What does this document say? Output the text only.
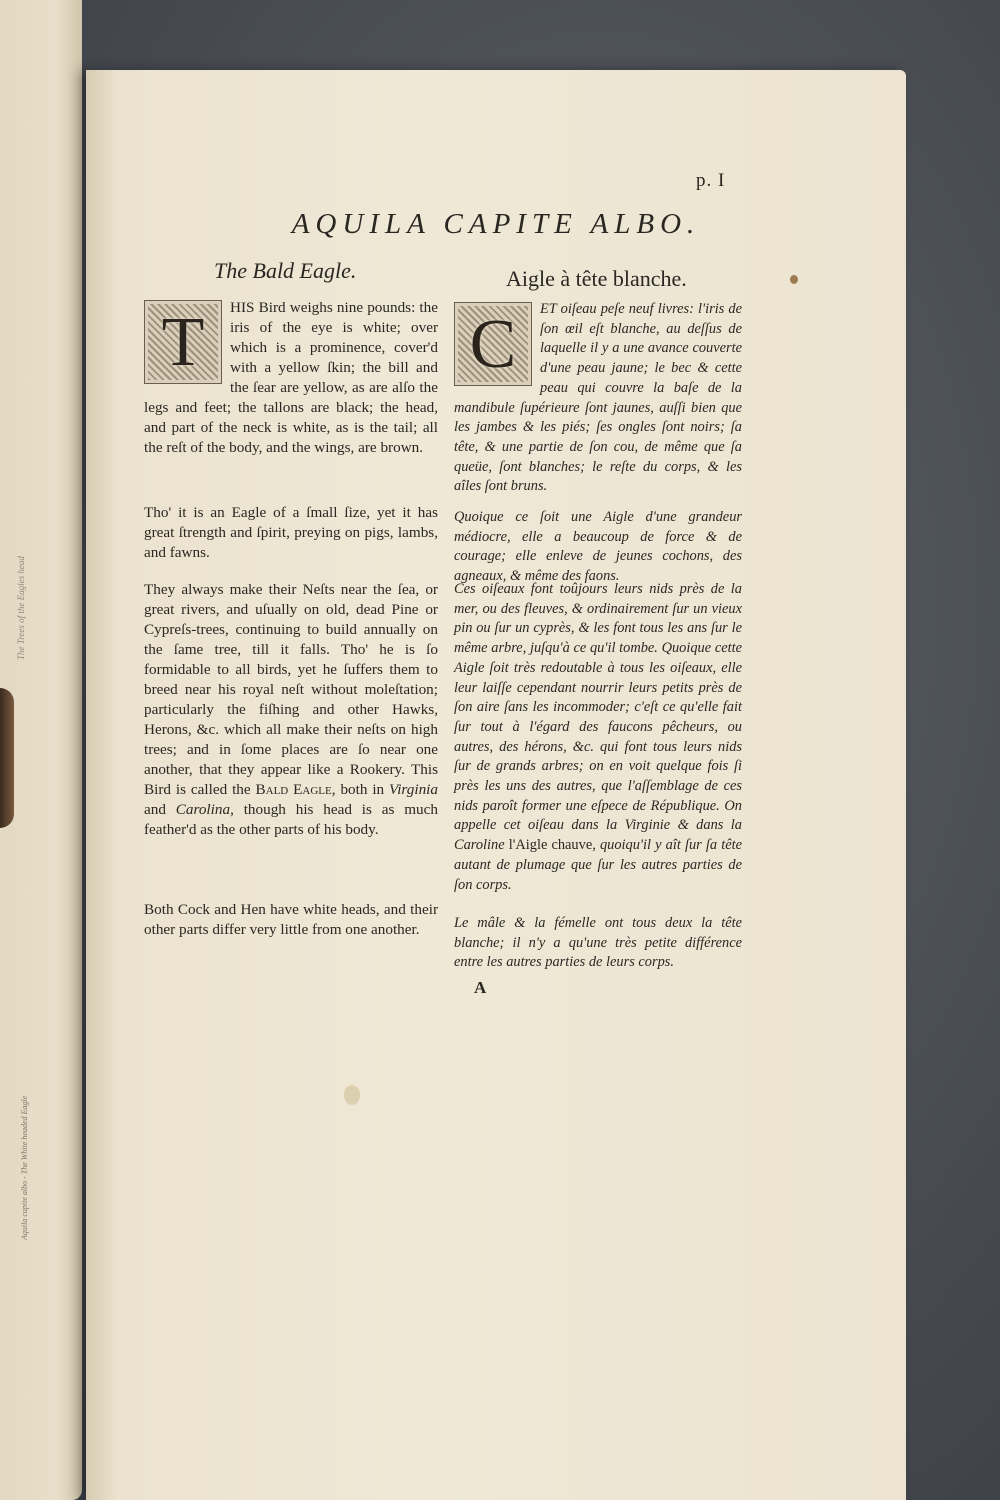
The Trees of the Eagles head
Aquila capite albo - The White headed Eagle
p. I
AQUILA CAPITE ALBO.
The Bald Eagle.	Aigle à tête blanche.

T	HIS Bird weighs nine pounds: the iris of the eye is white; over which is a prominence, cover'd with a yellow ſkin; the bill and the ſear are yellow, as are alſo the legs and feet; the tallons are black; the head, and part of the neck is white, as is the tail; all the reſt of the body, and the wings, are brown.

Tho' it is an Eagle of a ſmall ſize, yet it has great ſtrength and ſpirit, preying on pigs, lambs, and fawns.

They always make their Neſts near the ſea, or great rivers, and uſually on old, dead Pine or Cypreſs-trees, continuing to build annually on the ſame tree, till it falls. Tho' he is ſo formidable to all birds, yet he ſuffers them to breed near his royal neſt without moleſtation; particularly the fiſhing and other Hawks, Herons, &c. which all make their neſts on high trees; and in ſome places are ſo near one another, that they appear like a Rookery. This Bird is called the Bald Eagle, both in Virginia and Carolina, though his head is as much feather'd as the other parts of his body.

Both Cock and Hen have white heads, and their other parts differ very little from one another.

C	ET oiſeau peſe neuf livres: l'iris de ſon œil eſt blanche, au deſſus de laquelle il y a une avance couverte d'une peau jaune; le bec & cette peau qui couvre la baſe de la mandibule ſupérieure ſont jaunes, auſſi bien que les jambes & les piés; ſes ongles ſont noirs; ſa tête, & une partie de ſon cou, de même que ſa queüe, ſont blanches; le reſte du corps, & les aîles ſont bruns.

Quoique ce ſoit une Aigle d'une grandeur médiocre, elle a beaucoup de force & de courage; elle enleve de jeunes cochons, des agneaux, & même des faons.

Ces oiſeaux font toûjours leurs nids près de la mer, ou des fleuves, & ordinairement ſur un vieux pin ou ſur un cyprès, & les font tous les ans ſur le même arbre, juſqu'à ce qu'il tombe. Quoique cette Aigle ſoit très redoutable à tous les oiſeaux, elle leur laiſſe cependant nourrir leurs petits près de ſon aire ſans les incommoder; c'eſt ce qu'elle fait ſur tout à l'égard des faucons pêcheurs, ou autres, des hérons, &c. qui font tous leurs nids ſur de grands arbres; on en voit quelque fois ſi près les uns des autres, que l'aſſemblage de ces nids paroît former une eſpece de République. On appelle cet oiſeau dans la Virginie & dans la Caroline l'Aigle chauve, quoiqu'il y aît ſur ſa tête autant de plumage que ſur les autres parties de ſon corps.

Le mâle & la fémelle ont tous deux la tête blanche; il n'y a qu'une très petite différence entre les autres parties de leurs corps.

A
